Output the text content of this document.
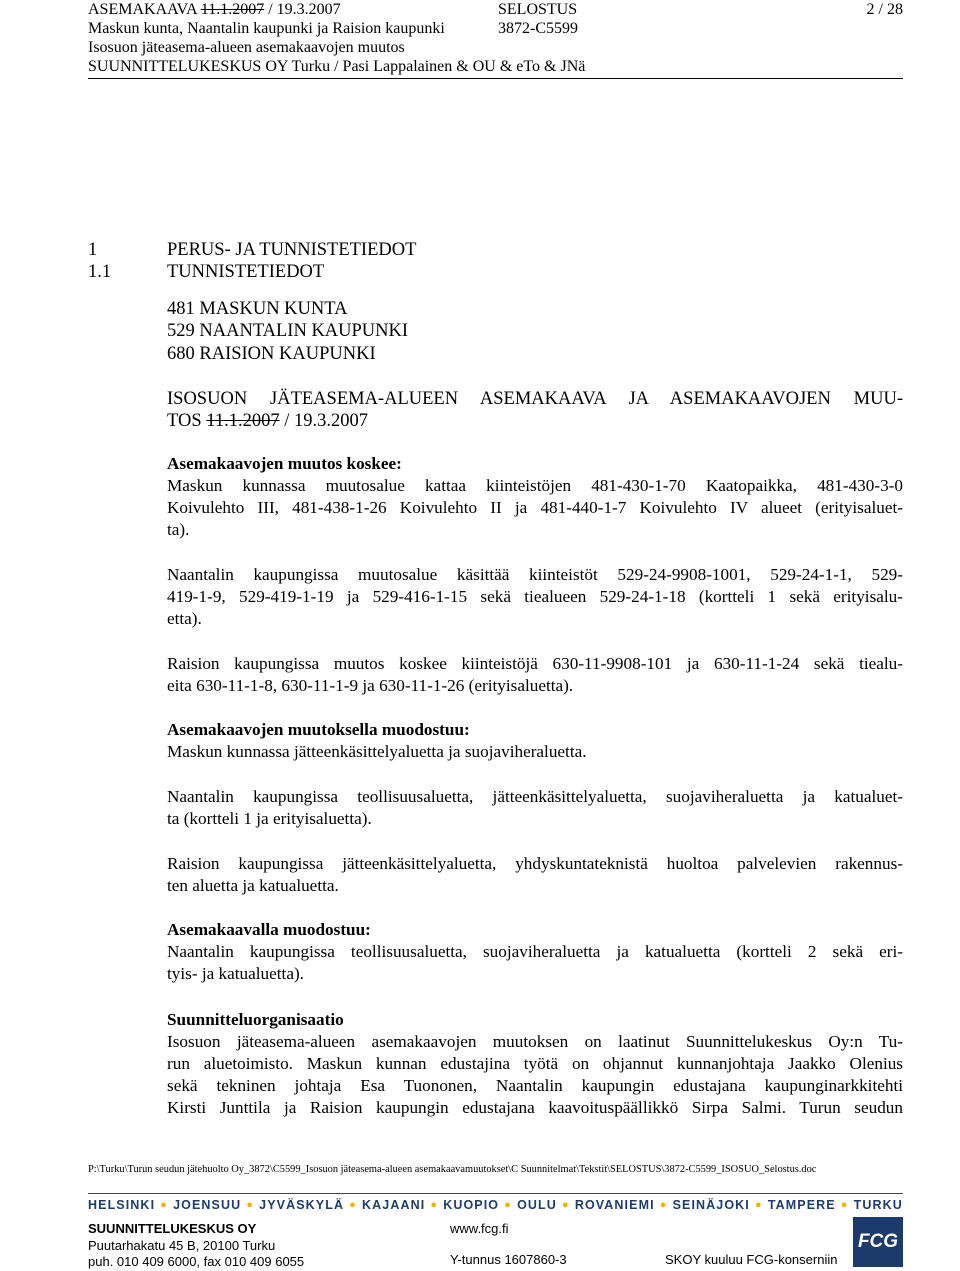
ASEMAKAAVA 11.1.2007 / 19.3.2007	SELOSTUS	2 / 28
Maskun kunta, Naantalin kaupunki ja Raision kaupunki	3872-C5599
Isosuon jäteasema-alueen asemakaavojen muutos
SUUNNITTELUKESKUS OY Turku / Pasi Lappalainen & OU & eTo & JNä
1	PERUS- JA TUNNISTETIEDOT
1.1	TUNNISTETIEDOT
481 MASKUN KUNTA
529 NAANTALIN KAUPUNKI
680 RAISION KAUPUNKI
ISOSUON JÄTEASEMA-ALUEEN ASEMAKAAVA JA ASEMAKAAVOJEN MUU-
TOS 11.1.2007 / 19.3.2007
Asemakaavojen muutos koskee:
Maskun kunnassa muutosalue kattaa kiinteistöjen 481-430-1-70 Kaatopaikka, 481-430-3-0
Koivulehto III, 481-438-1-26 Koivulehto II ja 481-440-1-7 Koivulehto IV alueet (erityisaluet-
ta).
Naantalin kaupungissa muutosalue käsittää kiinteistöt 529-24-9908-1001, 529-24-1-1, 529-
419-1-9, 529-419-1-19 ja 529-416-1-15 sekä tiealueen 529-24-1-18 (kortteli 1 sekä erityisalu-
etta).
Raision kaupungissa muutos koskee kiinteistöjä 630-11-9908-101 ja 630-11-1-24 sekä tiealu-
eita 630-11-1-8, 630-11-1-9 ja 630-11-1-26 (erityisaluetta).
Asemakaavojen muutoksella muodostuu:
Maskun kunnassa jätteenkäsittelyaluetta ja suojaviheraluetta.
Naantalin kaupungissa teollisuusaluetta, jätteenkäsittelyaluetta, suojaviheraluetta ja katualuet-
ta (kortteli 1 ja erityisaluetta).
Raision kaupungissa jätteenkäsittelyaluetta, yhdyskuntateknistä huoltoa palvelevien rakennus-
ten aluetta ja katualuetta.
Asemakaavalla muodostuu:
Naantalin kaupungissa teollisuusaluetta, suojaviheraluetta ja katualuetta (kortteli 2 sekä eri-
tyis- ja katualuetta).
Suunnitteluorganisaatio
Isosuon jäteasema-alueen asemakaavojen muutoksen on laatinut Suunnittelukeskus Oy:n Tu-
run aluetoimisto. Maskun kunnan edustajina työtä on ohjannut kunnanjohtaja Jaakko Olenius
sekä tekninen johtaja Esa Tuononen, Naantalin kaupungin edustajana kaupunginarkkitehti
Kirsti Junttila ja Raision kaupungin edustajana kaavoituspäällikkö Sirpa Salmi. Turun seudun
P:\Turku\Turun seudun jätehuolto Oy_3872\C5599_Isosuon jäteasema-alueen asemakaavamuutokset\C Suunnitelmat\Tekstit\SELOSTUS\3872-C5599_ISOSUO_Selostus.doc
HELSINKI ● JOENSUU ● JYVÄSKYLÄ ● KAJAANI ● KUOPIO ● OULU ● ROVANIEMI ● SEINÄJOKI ● TAMPERE ● TURKU
SUUNNITTELUKESKUS OY
Puutarhakatu 45 B, 20100 Turku
puh. 010 409 6000, fax 010 409 6055
www.fcg.fi
Y-tunnus 1607860-3	SKOY kuuluu FCG-konserniin
FCG
